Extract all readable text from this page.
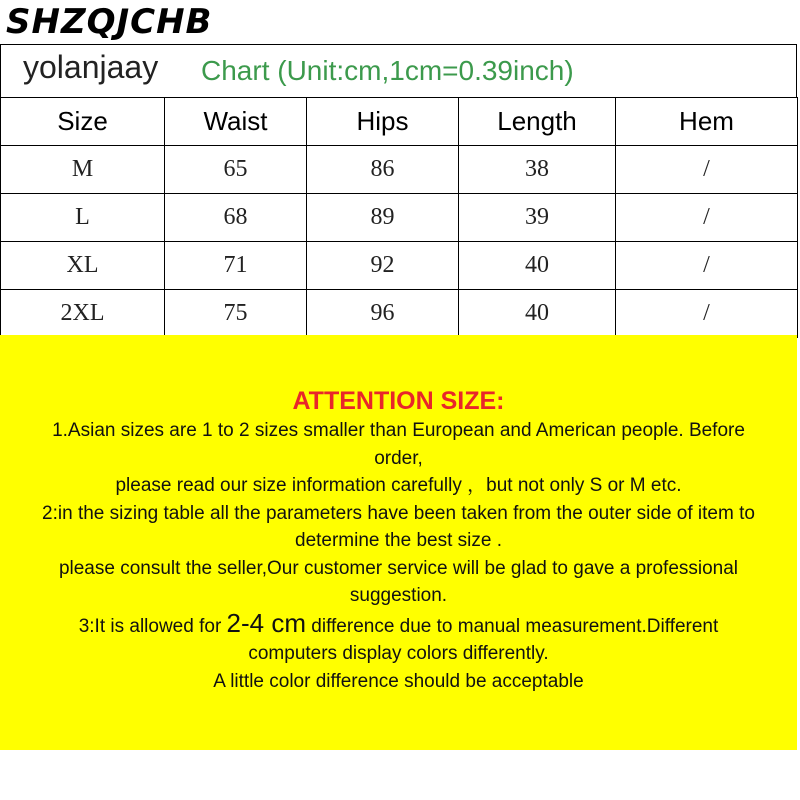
SHZQJCHB
yolanjaay Chart (Unit:cm,1cm=0.39inch)
Size	Waist	Hips	Length	Hem
M	65	86	38	/
L	68	89	39	/
XL	71	92	40	/
2XL	75	96	40	/
ATTENTION SIZE:

1.Asian sizes are 1 to 2 sizes smaller than European and American people. Before

order,

please read our size information carefully ，but not only S or M etc.

2:in the sizing table all the parameters have been taken from the outer side of item to

determine the best size .

please consult the seller,Our customer service will be glad to gave a professional

suggestion.

3:It is allowed for 2-4 cm difference due to manual measurement.Different

computers display colors differently.

A little color difference should be acceptable
